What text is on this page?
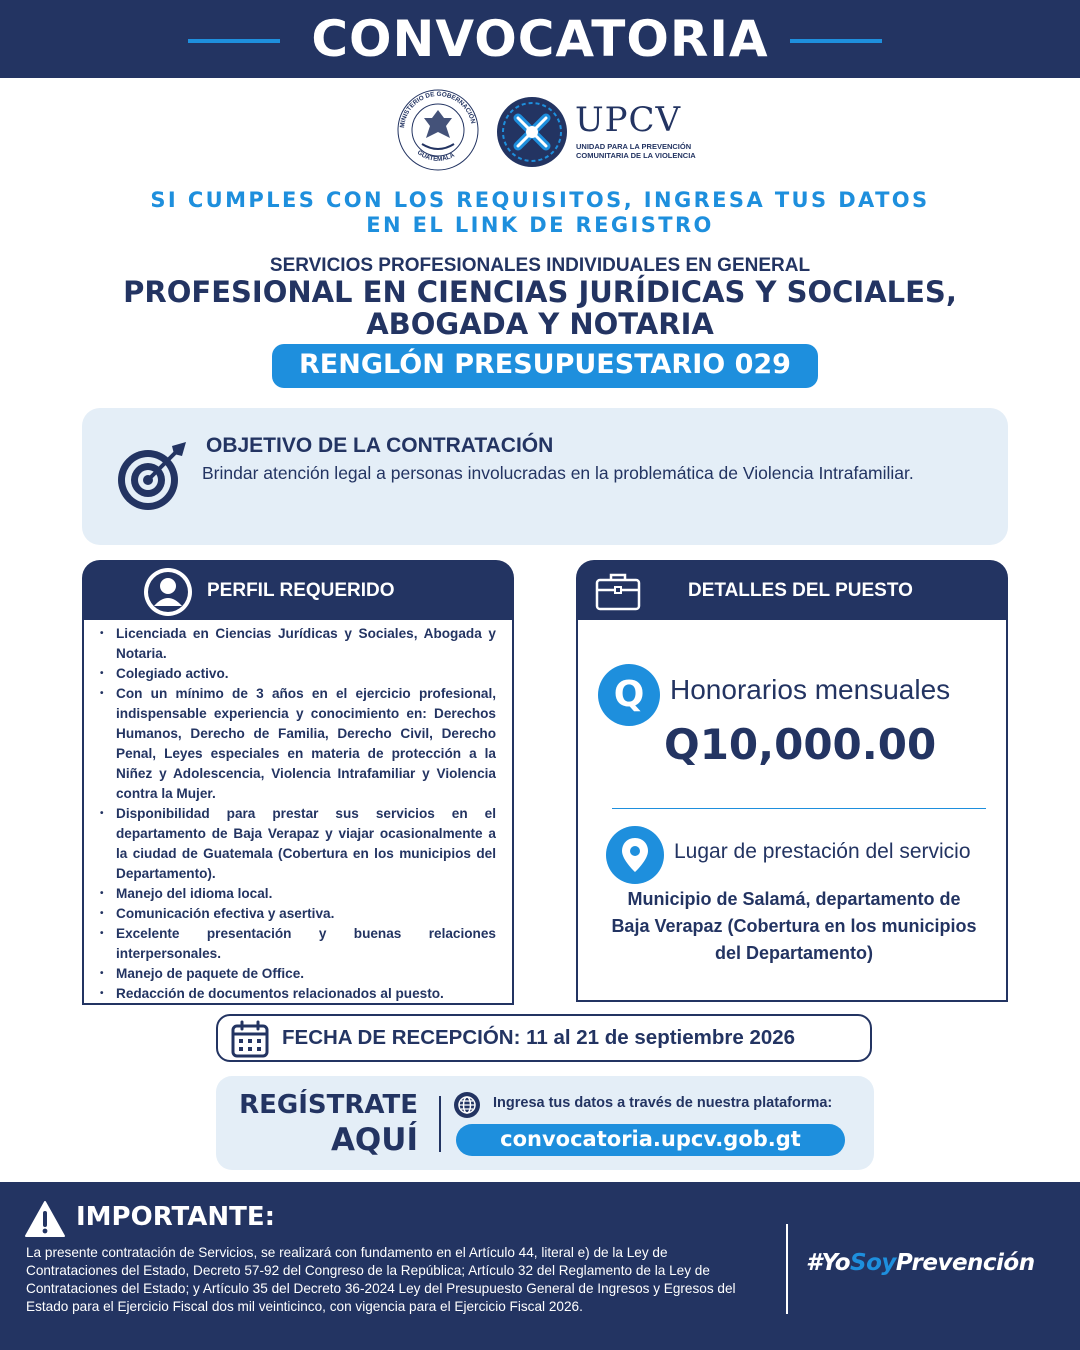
CONVOCATORIA
MINISTERIO DE GOBERNACIÓN
GUATEMALA
UPCV
UNIDAD PARA LA PREVENCIÓN
COMUNITARIA DE LA VIOLENCIA
SI CUMPLES CON LOS REQUISITOS, INGRESA TUS DATOS
EN EL LINK DE REGISTRO
SERVICIOS PROFESIONALES INDIVIDUALES EN GENERAL
PROFESIONAL EN CIENCIAS JURÍDICAS Y SOCIALES,
ABOGADA Y NOTARIA
RENGLÓN PRESUPUESTARIO 029
OBJETIVO DE LA CONTRATACIÓN
Brindar atención legal a personas involucradas en la problemática de Violencia Intrafamiliar.
PERFIL REQUERIDO
• Licenciada en Ciencias Jurídicas y Sociales, Abogada y Notaria.
• Colegiado activo.
• Con un mínimo de 3 años en el ejercicio profesional, indispensable experiencia y conocimiento en: Derechos Humanos, Derecho de Familia, Derecho Civil, Derecho Penal, Leyes especiales en materia de protección a la Niñez y Adolescencia, Violencia Intrafamiliar y Violencia contra la Mujer.
• Disponibilidad para prestar sus servicios en el departamento de Baja Verapaz y viajar ocasionalmente a la ciudad de Guatemala (Cobertura en los municipios del Departamento).
• Manejo del idioma local.
• Comunicación efectiva y asertiva.
• Excelente presentación y buenas relaciones interpersonales.
• Manejo de paquete de Office.
• Redacción de documentos relacionados al puesto.
DETALLES DEL PUESTO
Q Honorarios mensuales
Q10,000.00
Lugar de prestación del servicio
Municipio de Salamá, departamento de
Baja Verapaz (Cobertura en los municipios
del Departamento)
FECHA DE RECEPCIÓN: 11 al 21 de septiembre 2026
REGÍSTRATE
AQUÍ
Ingresa tus datos a través de nuestra plataforma:
convocatoria.upcv.gob.gt
IMPORTANTE:
La presente contratación de Servicios, se realizará con fundamento en el Artículo 44, literal e) de la Ley de Contrataciones del Estado, Decreto 57-92 del Congreso de la República; Artículo 32 del Reglamento de la Ley de Contrataciones del Estado; y Artículo 35 del Decreto 36-2024 Ley del Presupuesto General de Ingresos y Egresos del Estado para el Ejercicio Fiscal dos mil veinticinco, con vigencia para el Ejercicio Fiscal 2026.
#YoSoyPrevención
